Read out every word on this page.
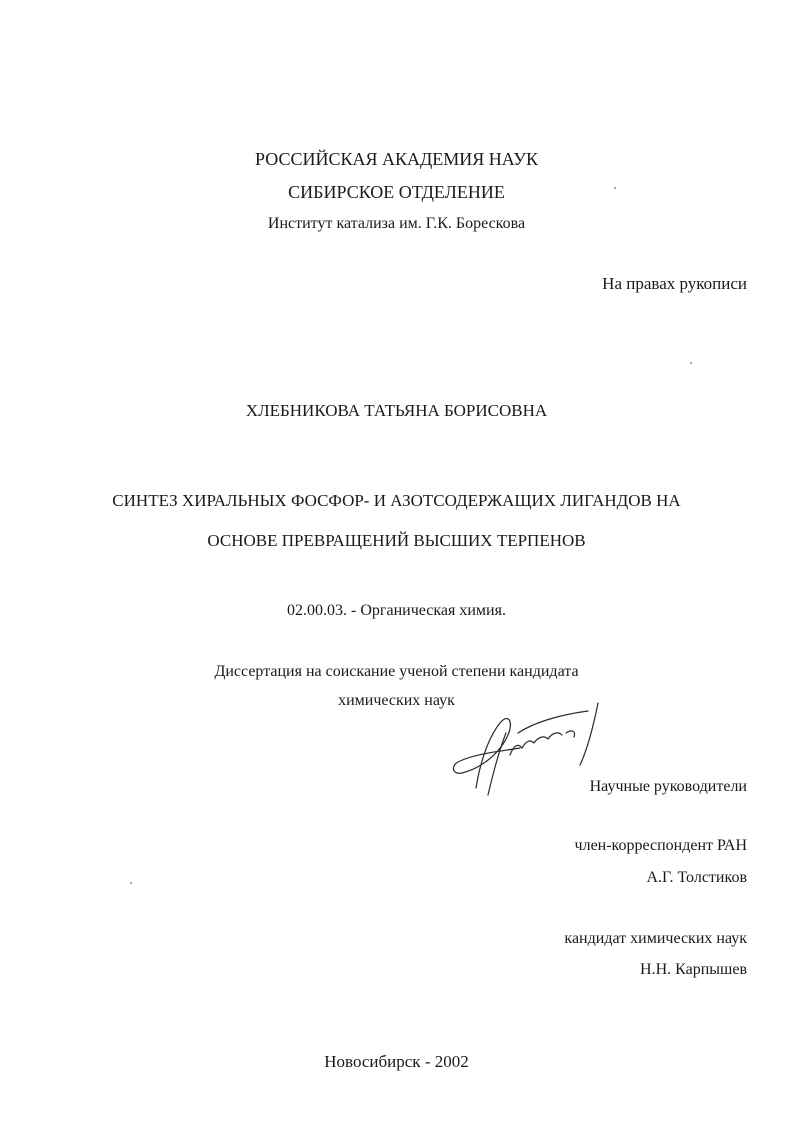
РОССИЙСКАЯ АКАДЕМИЯ НАУК
СИБИРСКОЕ ОТДЕЛЕНИЕ
Институт катализа им. Г.К. Борескова
На правах рукописи
ХЛЕБНИКОВА ТАТЬЯНА БОРИСОВНА
СИНТЕЗ ХИРАЛЬНЫХ ФОСФОР- И АЗОТСОДЕРЖАЩИХ ЛИГАНДОВ НА
ОСНОВЕ ПРЕВРАЩЕНИЙ ВЫСШИХ ТЕРПЕНОВ
02.00.03. - Органическая химия.
Диссертация на соискание ученой степени кандидата
химических наук
Научные руководители
член-корреспондент РАН
А.Г. Толстиков
кандидат химических наук
Н.Н. Карпышев
Новосибирск - 2002
